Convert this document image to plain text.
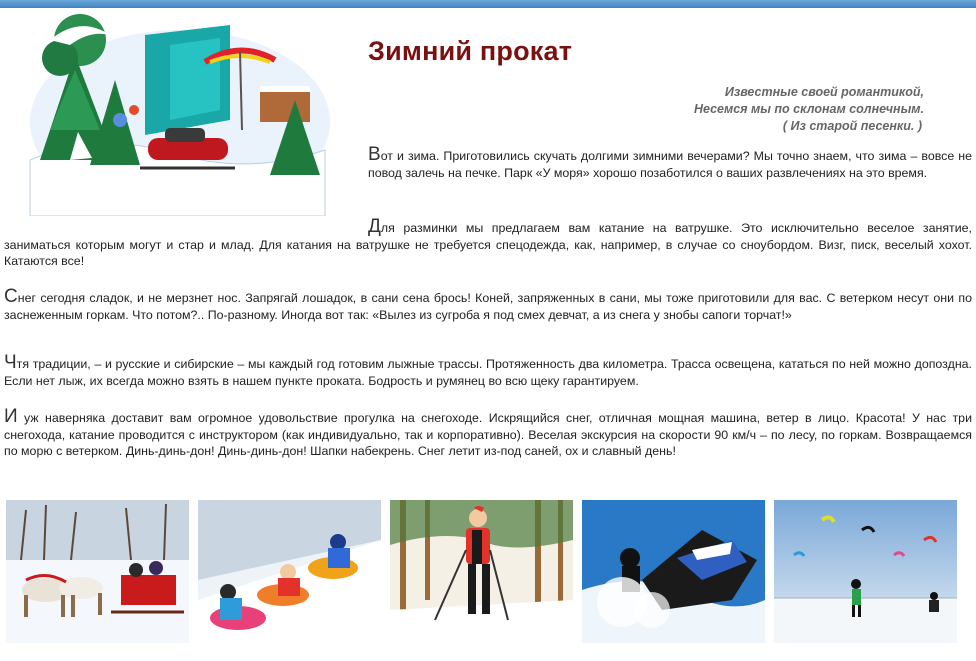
Зимний прокат
Известные своей романтикой,
Несемся мы по склонам солнечным.
( Из старой песенки. )

Вот и зима. Приготовились скучать долгими зимними вечерами? Мы точно знаем, что зима – вовсе не повод залечь на печке. Парк «У моря» хорошо позаботился о ваших развлечениях на это время.

Для разминки мы предлагаем вам катание на ватрушке. Это исключительно веселое занятие, заниматься которым могут и стар и млад. Для катания на ватрушке не требуется спецодежда, как, например, в случае со сноубордом. Визг, писк, веселый хохот. Катаются все!

Снег сегодня сладок, и не мерзнет нос. Запрягай лошадок, в сани сена брось! Коней, запряженных в сани, мы тоже приготовили для вас. С ветерком несут они по заснеженным горкам. Что потом?.. По-разному. Иногда вот так: «Вылез из сугроба я под смех девчат, а из снега у знобы сапоги торчат!»

Чтя традиции, – и русские и сибирские – мы каждый год готовим лыжные трассы. Протяженность два километра. Трасса освещена, кататься по ней можно допоздна. Если нет лыж, их всегда можно взять в нашем пункте проката. Бодрость и румянец во всю щеку гарантируем.

И уж наверняка доставит вам огромное удовольствие прогулка на снегоходе. Искрящийся снег, отличная мощная машина, ветер в лицо. Красота! У нас три снегохода, катание проводится с инструктором (как индивидуально, так и корпоративно). Веселая экскурсия на скорости 90 км/ч – по лесу, по горкам. Возвращаемся по морю с ветерком. Динь-динь-дон! Динь-динь-дон! Шапки набекрень. Снег летит из-под саней, ох и славный день!
